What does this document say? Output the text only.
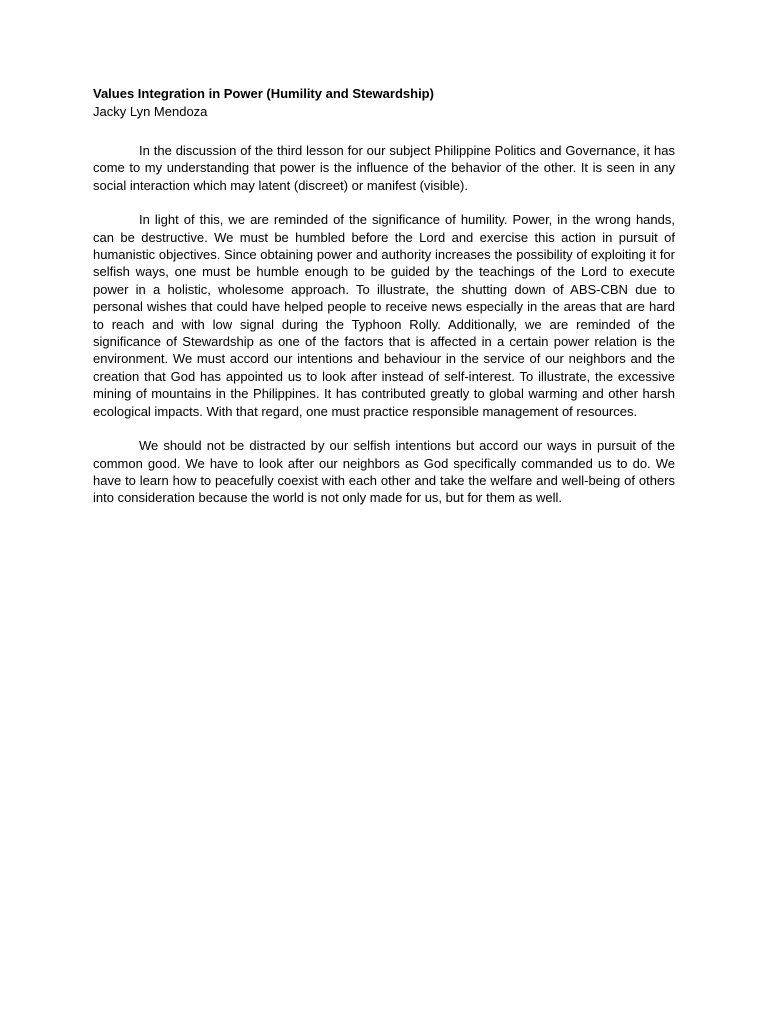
Values Integration in Power (Humility and Stewardship)

Jacky Lyn Mendoza

In the discussion of the third lesson for our subject Philippine Politics and Governance, it has come to my understanding that power is the influence of the behavior of the other. It is seen in any social interaction which may latent (discreet) or manifest (visible).

In light of this, we are reminded of the significance of humility. Power, in the wrong hands, can be destructive. We must be humbled before the Lord and exercise this action in pursuit of humanistic objectives. Since obtaining power and authority increases the possibility of exploiting it for selfish ways, one must be humble enough to be guided by the teachings of the Lord to execute power in a holistic, wholesome approach. To illustrate, the shutting down of ABS-CBN due to personal wishes that could have helped people to receive news especially in the areas that are hard to reach and with low signal during the Typhoon Rolly. Additionally, we are reminded of the significance of Stewardship as one of the factors that is affected in a certain power relation is the environment. We must accord our intentions and behaviour in the service of our neighbors and the creation that God has appointed us to look after instead of self-interest. To illustrate, the excessive mining of mountains in the Philippines. It has contributed greatly to global warming and other harsh ecological impacts. With that regard, one must practice responsible management of resources.

We should not be distracted by our selfish intentions but accord our ways in pursuit of the common good. We have to look after our neighbors as God specifically commanded us to do. We have to learn how to peacefully coexist with each other and take the welfare and well-being of others into consideration because the world is not only made for us, but for them as well.
